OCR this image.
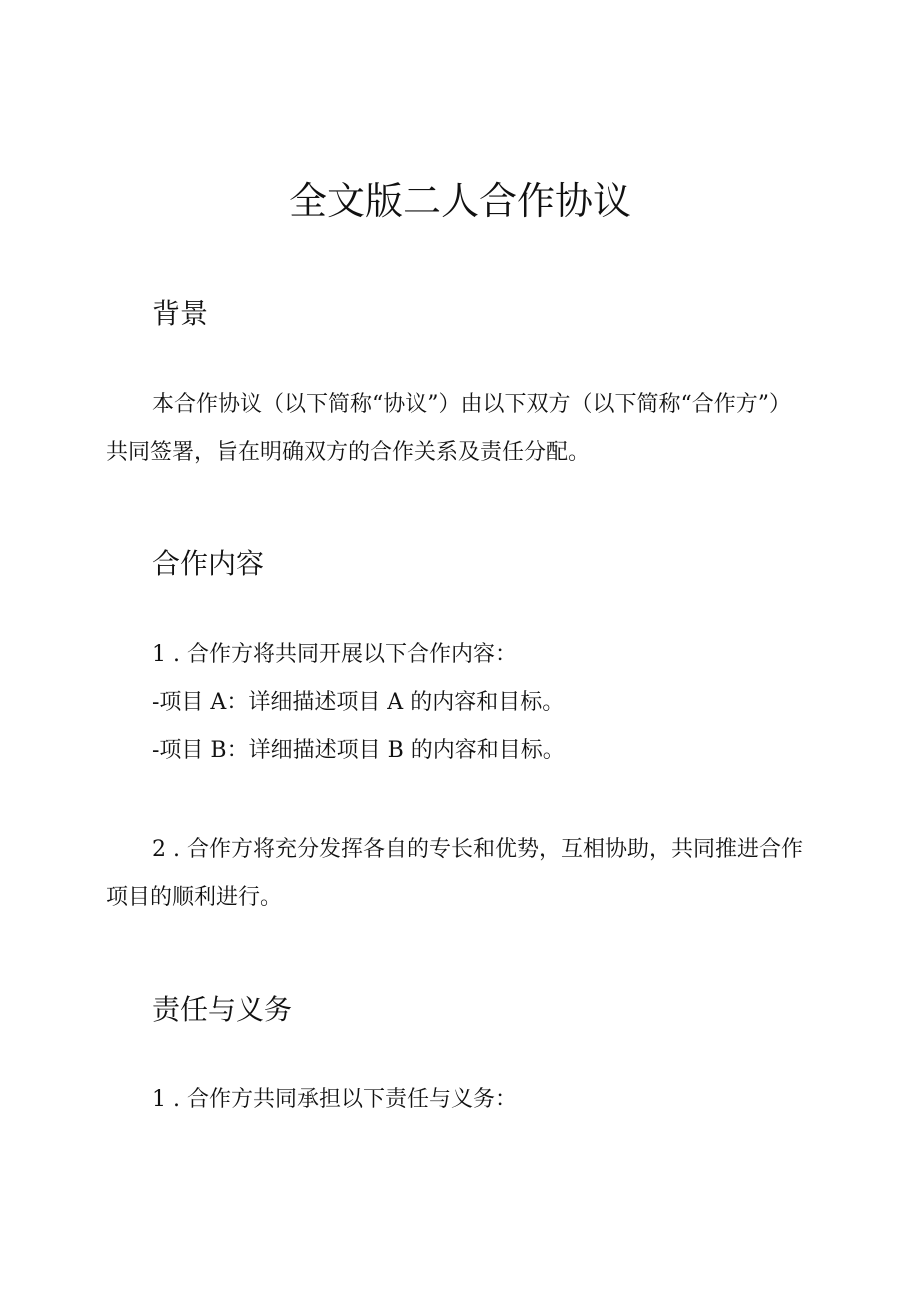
全文版二人合作协议
背景

本合作协议（以下简称“协议”）由以下双方（以下简称“合作方”）共同签署，旨在明确双方的合作关系及责任分配。

合作内容

1 . 合作方将共同开展以下合作内容：

-项目 A：详细描述项目 A 的内容和目标。

-项目 B：详细描述项目 B 的内容和目标。

2 . 合作方将充分发挥各自的专长和优势，互相协助，共同推进合作项目的顺利进行。

责任与义务

1 . 合作方共同承担以下责任与义务：
